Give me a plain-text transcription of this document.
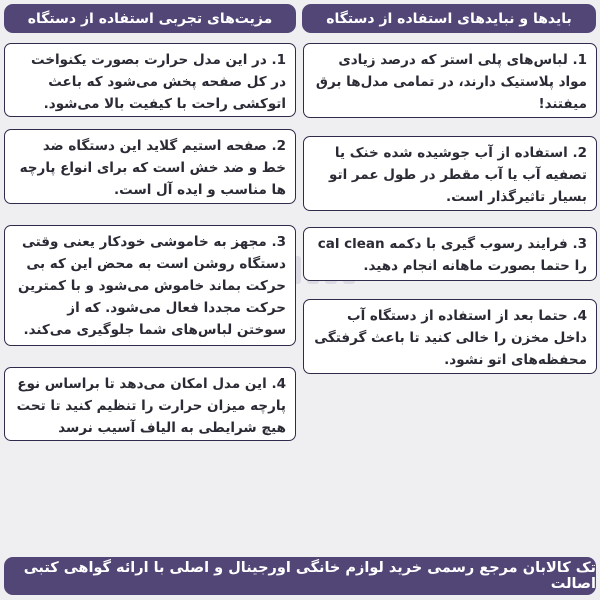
مزیت‌های تجربی استفاده از دستگاه	بایدها و نبایدهای استفاده از دستگاه
1. در این مدل حرارت بصورت یکنواخت در کل صفحه پخش می‌شود که باعث اتوکشی راحت با کیفیت بالا می‌شود.
2. صفحه استیم گلاید این دستگاه ضد خط و ضد خش است که برای انواع پارچه ها مناسب و ایده آل است.
3. مجهز به خاموشی خودکار یعنی وقتی دستگاه روشن است به محض این که بی حرکت بماند خاموش می‌شود و با کمترین حرکت مجددا فعال می‌شود. که از سوختن لباس‌های شما جلوگیری می‌کند.
4. این مدل امکان می‌دهد تا براساس نوع پارچه میزان حرارت را تنظیم کنید تا تحت هیچ شرایطی به الیاف آسیب نرسد
1. لباس‌های پلی استر که درصد زیادی مواد پلاستیک دارند، در تمامی مدل‌ها برق میفتند!
2. استفاده از آب جوشیده شده خنک یا تصفیه آب یا آب مقطر در طول عمر اتو بسیار تاثیرگذار است.
3. فرایند رسوب گیری با دکمه cal clean را حتما بصورت ماهانه انجام دهید.
4. حتما بعد از استفاده از دستگاه آب داخل مخزن را خالی کنید تا باعث گرفتگی محفظه‌های اتو نشود.
تک کالابان مرجع رسمی خرید لوازم خانگی اورجینال و اصلی با ارائه گواهی کتبی اصالت
